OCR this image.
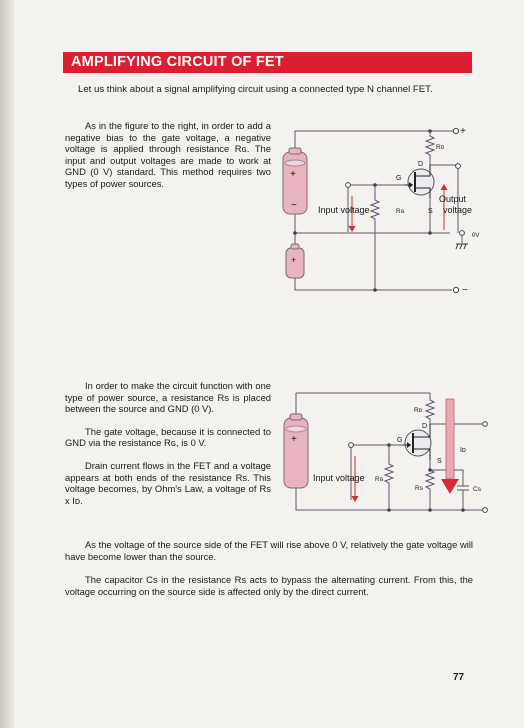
AMPLIFYING CIRCUIT OF FET
Let us think about a signal amplifying circuit using a connected type N channel FET.

As in the figure to the right, in order to add a negative bias to the gate voltage, a negative voltage is applied through resistance Rɢ. The input and output voltages are made to work at GND (0 V) standard. This method requires two types of power sources.

In order to make the circuit function with one type of power source, a resistance Rs is placed between the source and GND (0 V).

The gate voltage, because it is connected to GND via the resistance Rɢ, is 0 V.

Drain current flows in the FET and a voltage appears at both ends of the resistance Rs. This voltage becomes, by Ohm's Law, a voltage of Rs x Iᴅ.

As the voltage of the source side of the FET will rise above 0 V, relatively the gate voltage will have become lower than the source.

The capacitor Cs in the resistance Rs acts to bypass the alternating current. From this, the voltage occurring on the source side is affected only by the direct current.

+
−
+
−
+
Rᴅ
Rɢ
G
D
S
Input voltage
Output
voltage
0V
+
Rᴅ
Rɢ
Rs	Cs
G
D
S
Iᴅ
Input voltage
77
